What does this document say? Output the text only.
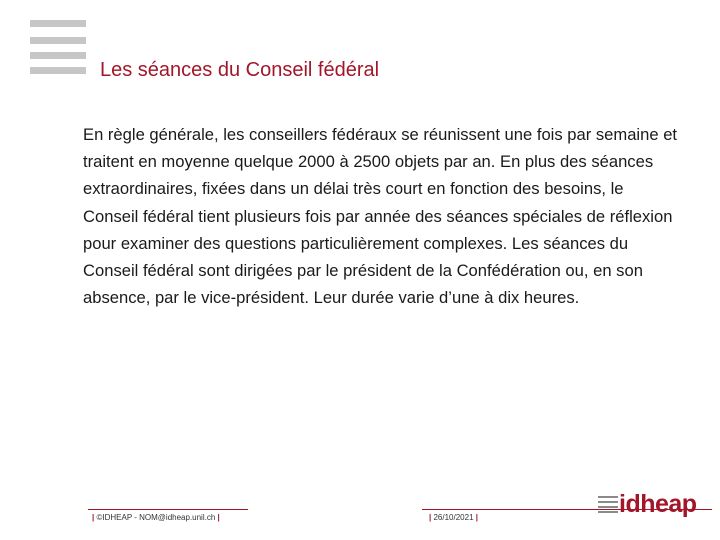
Les séances du Conseil fédéral
En règle générale, les conseillers fédéraux se réunissent une fois par semaine et traitent en moyenne quelque 2000 à 2500 objets par an. En plus des séances extraordinaires, fixées dans un délai très court en fonction des besoins, le Conseil fédéral tient plusieurs fois par année des séances spéciales de réflexion pour examiner des questions particulièrement complexes. Les séances du Conseil fédéral sont dirigées par le président de la Confédération ou, en son absence, par le vice-président. Leur durée varie d’une à dix heures.
| ©IDHEAP - NOM@idheap.unil.ch |	| 26/10/2021 |	idheap
